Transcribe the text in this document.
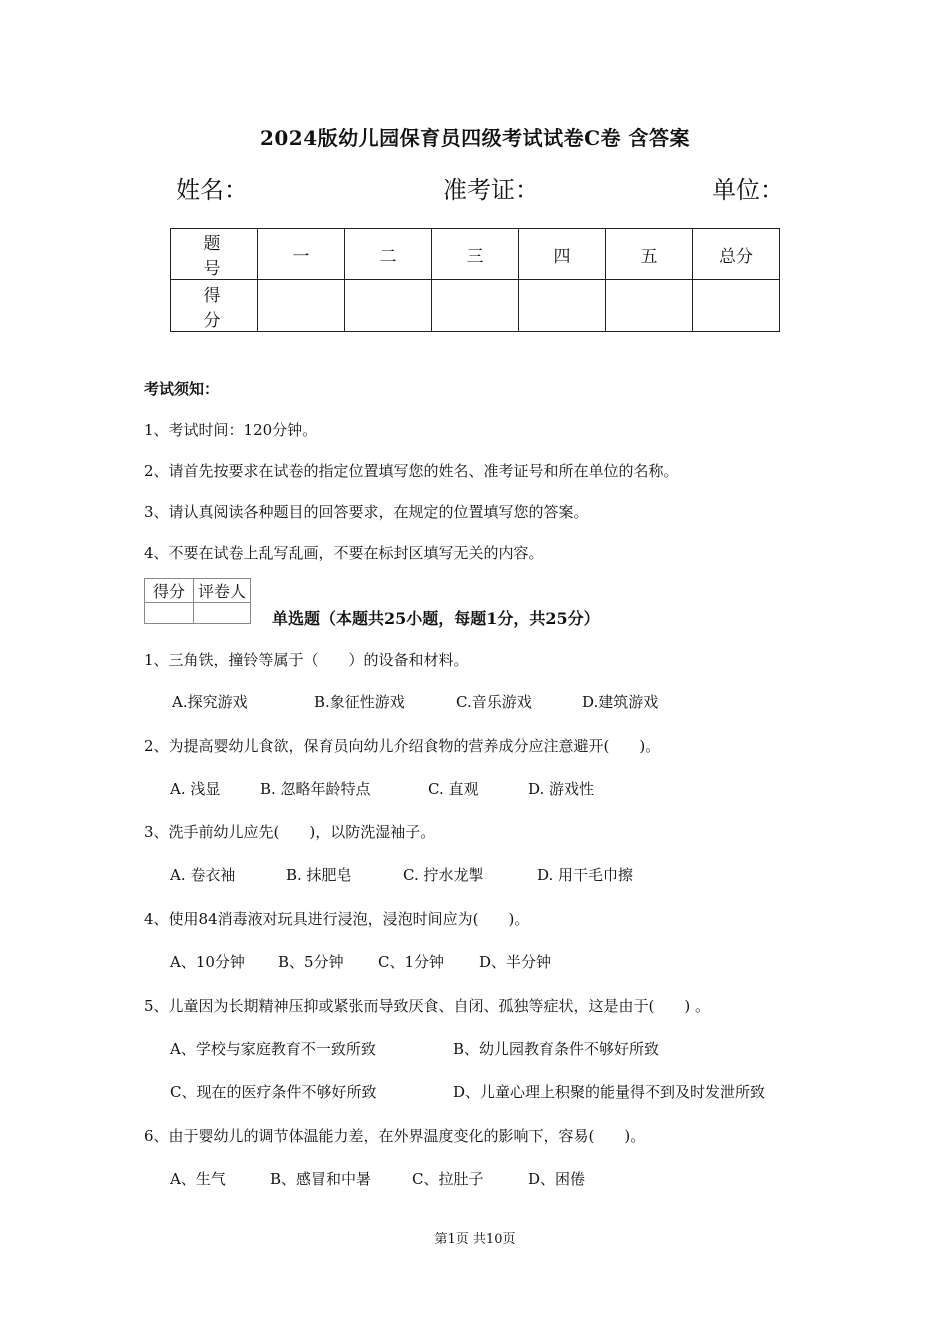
2024版幼儿园保育员四级考试试卷C卷 含答案
姓名：	准考证：	单位：
题　号	一	二	三	四	五	总分
得　分						
考试须知：
1、考试时间：120分钟。
2、请首先按要求在试卷的指定位置填写您的姓名、准考证号和所在单位的名称。
3、请认真阅读各种题目的回答要求，在规定的位置填写您的答案。
4、不要在试卷上乱写乱画，不要在标封区填写无关的内容。
得分	评卷人

单选题（本题共25小题，每题1分，共25分）
1、三角铁，撞铃等属于（　　）的设备和材料。
A.探究游戏	B.象征性游戏	C.音乐游戏	D.建筑游戏
2、为提高婴幼儿食欲，保育员向幼儿介绍食物的营养成分应注意避开(　　)。
A. 浅显	B. 忽略年龄特点	C. 直观	D. 游戏性
3、洗手前幼儿应先(　　)，以防洗湿袖子。
A. 卷衣袖	B. 抹肥皂	C. 拧水龙掣	D. 用干毛巾擦
4、使用84消毒液对玩具进行浸泡，浸泡时间应为(　　)。
A、10分钟 B、5分钟 C、1分钟 D、半分钟
5、儿童因为长期精神压抑或紧张而导致厌食、自闭、孤独等症状，这是由于(　　) 。
A、学校与家庭教育不一致所致	B、幼儿园教育条件不够好所致
C、现在的医疗条件不够好所致	D、儿童心理上积聚的能量得不到及时发泄所致
6、由于婴幼儿的调节体温能力差，在外界温度变化的影响下，容易(　　)。
A、生气	B、感冒和中暑	C、拉肚子	D、困倦
第1页 共10页
